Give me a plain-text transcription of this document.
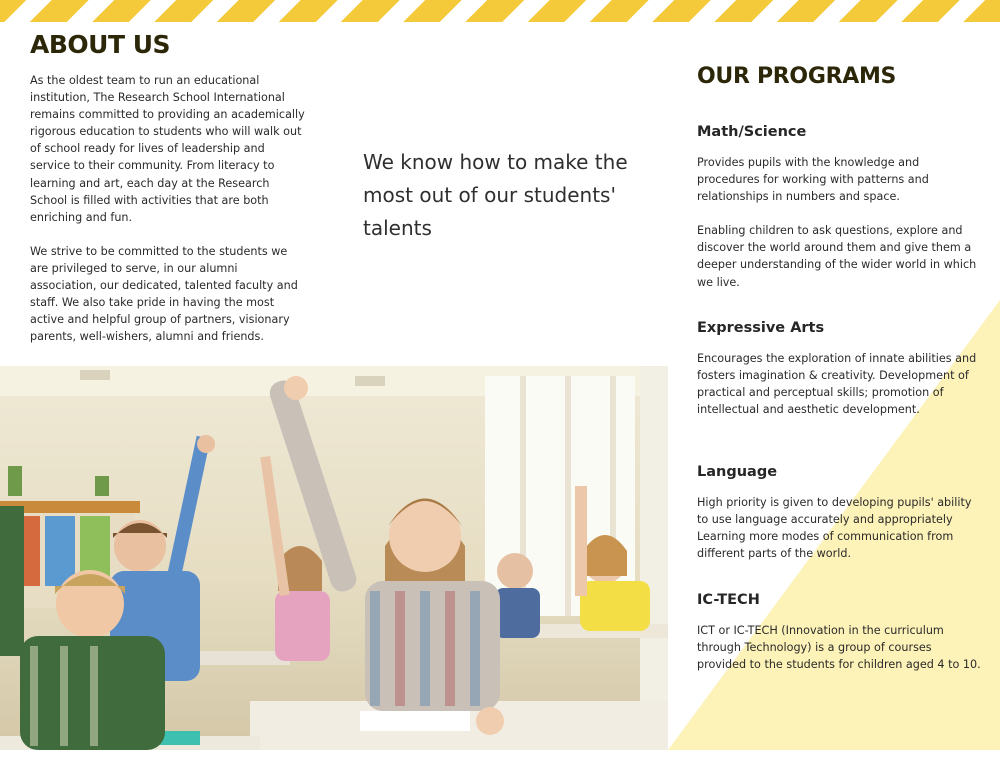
ABOUT US

As the oldest team to run an educational institution, The Research School International remains committed to providing an academically rigorous education to students who will walk out of school ready for lives of leadership and service to their community. From literacy to learning and art, each day at the Research School is filled with activities that are both enriching and fun.

We strive to be committed to the students we are privileged to serve, in our alumni association, our dedicated, talented faculty and staff. We also take pride in having the most active and helpful group of partners, visionary parents, well-wishers, alumni and friends.

We know how to make the most out of our students' talents
OUR PROGRAMS
Math/Science

Provides pupils with the knowledge and procedures for working with patterns and relationships in numbers and space.

Enabling children to ask questions, explore and discover the world around them and give them a deeper understanding of the wider world in which we live.

Expressive Arts

Encourages the exploration of innate abilities and fosters imagination & creativity. Development of practical and perceptual skills; promotion of intellectual and aesthetic development.

Language

High priority is given to developing pupils' ability to use language accurately and appropriately Learning more modes of communication from different parts of the world.

IC-TECH

ICT or IC-TECH (Innovation in the curriculum through Technology) is a group of courses provided to the students for children aged 4 to 10.
